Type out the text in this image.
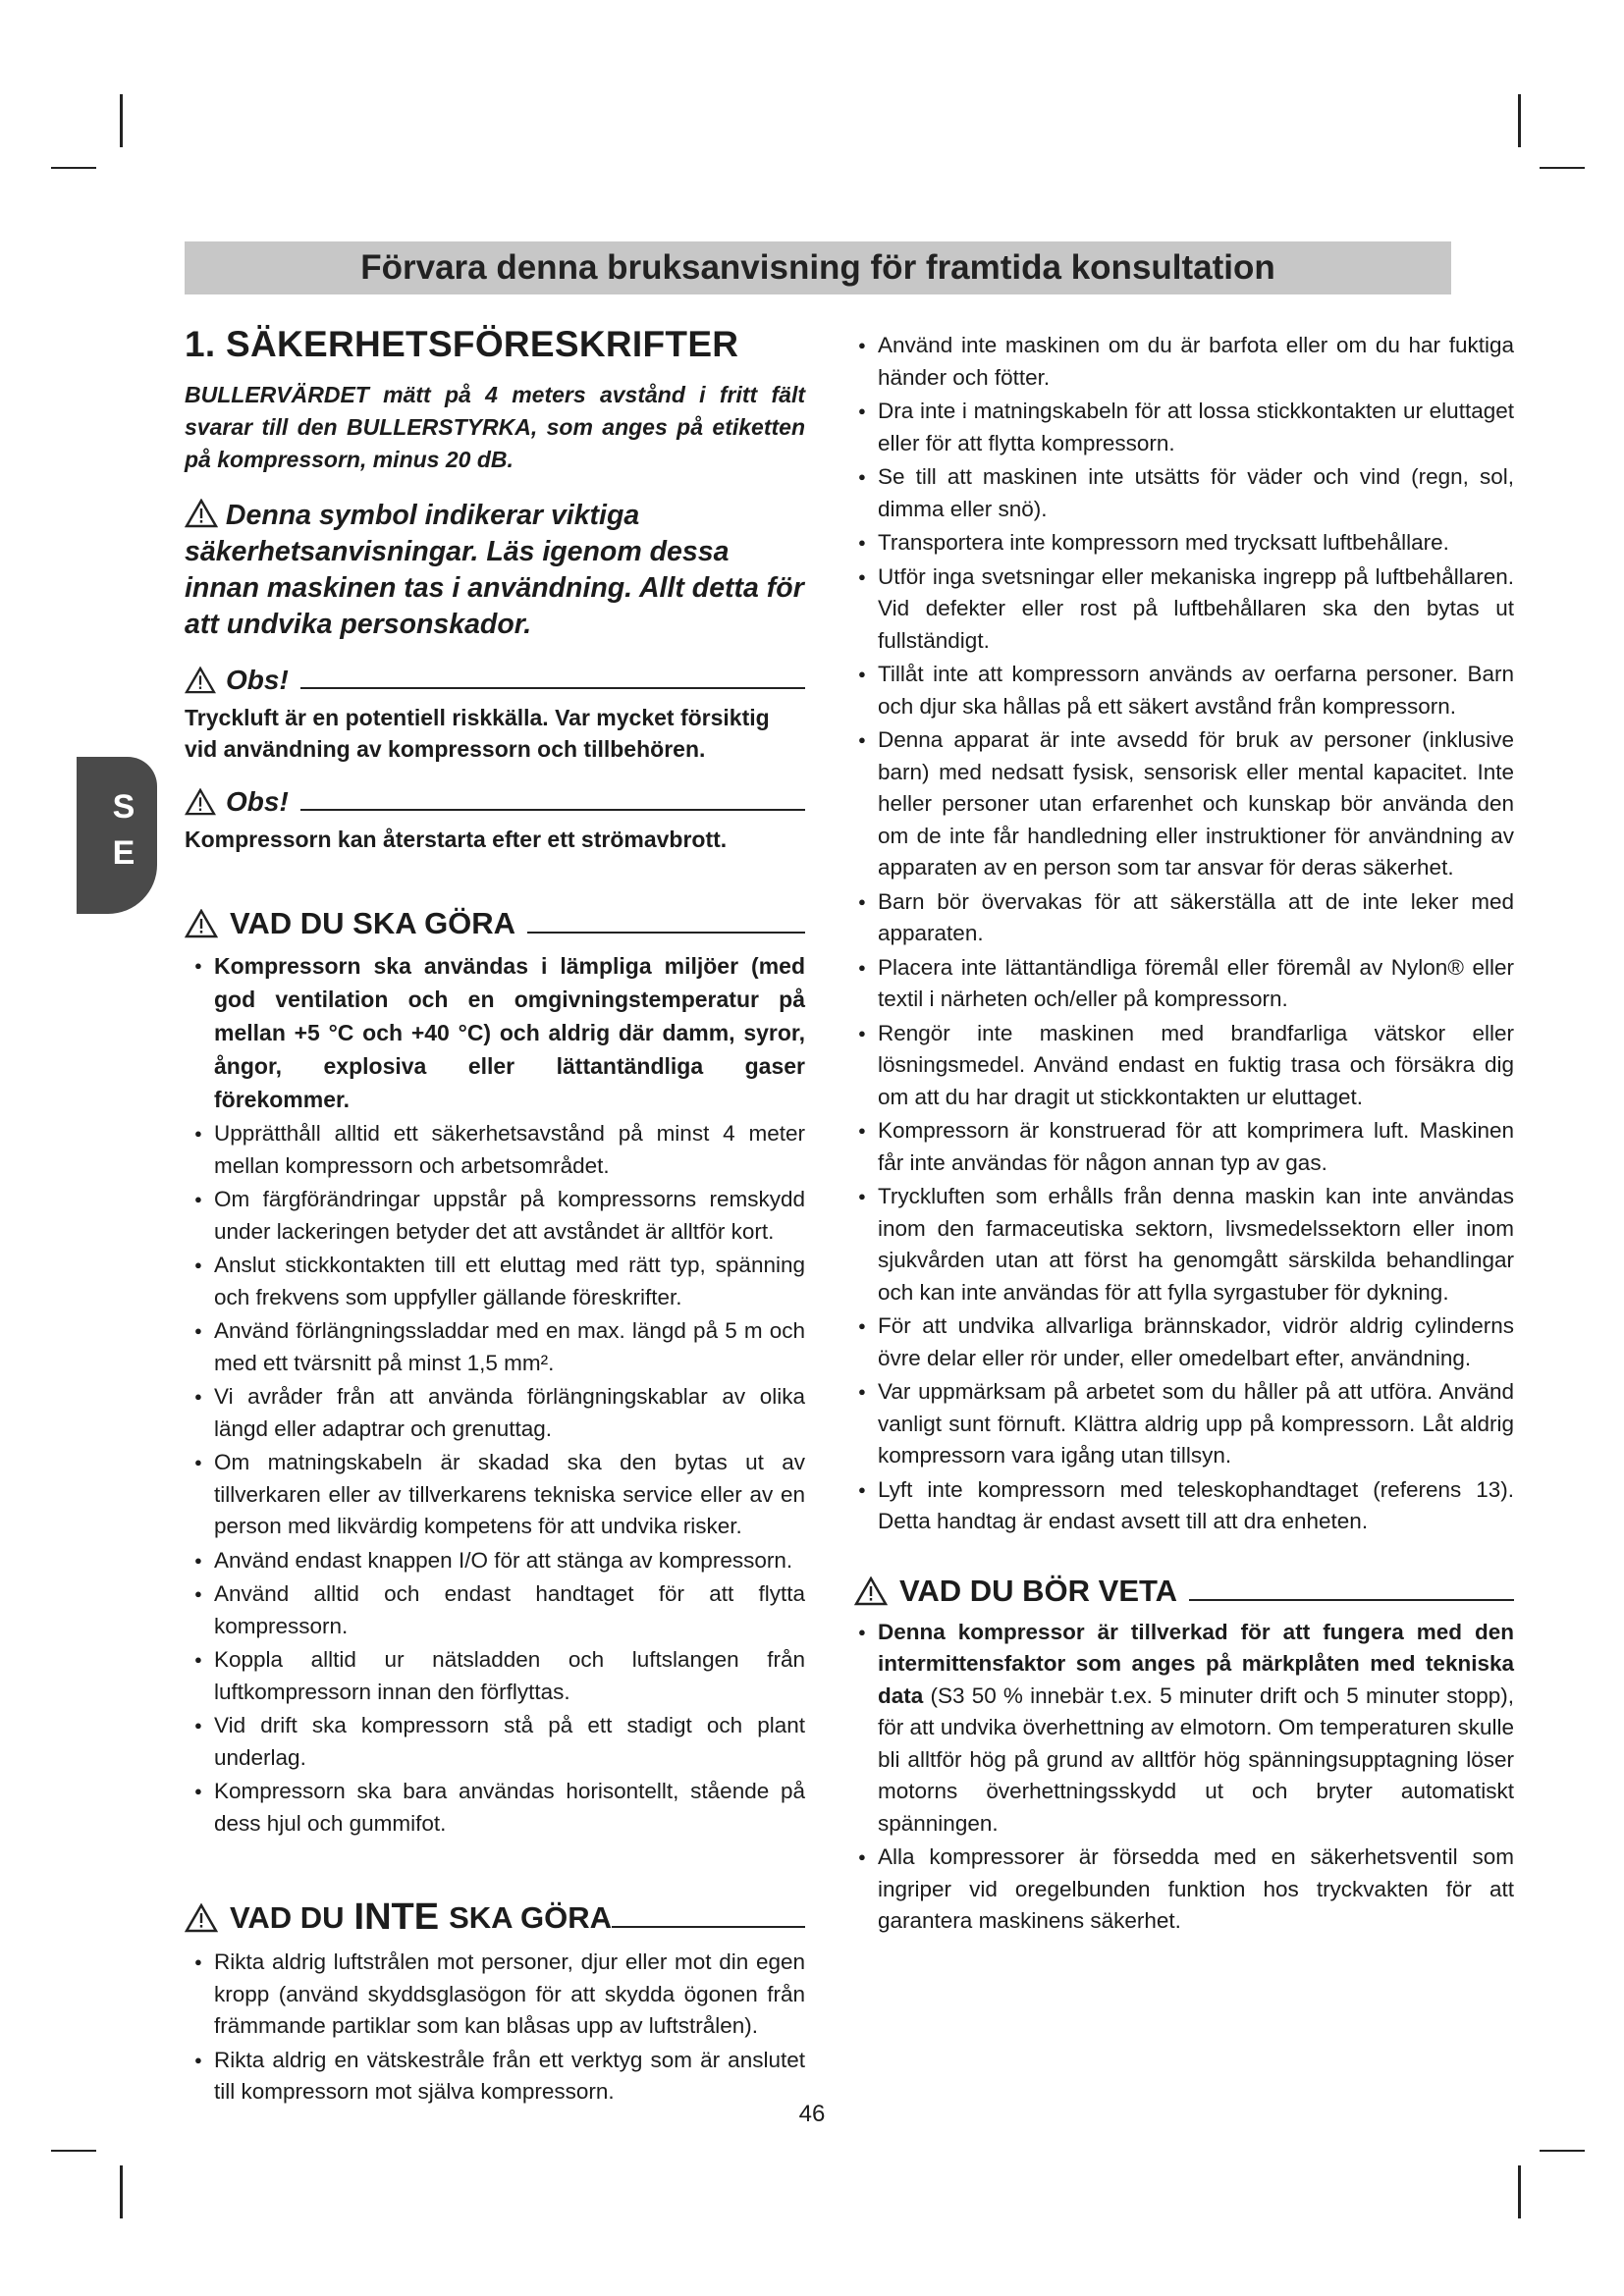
Förvara denna bruksanvisning för framtida konsultation
S
E
1. SÄKERHETSFÖRESKRIFTER
BULLERVÄRDET mätt på 4 meters avstånd i fritt fält svarar till den BULLERSTYRKA, som anges på etiketten på kompressorn, minus 20 dB.
Denna symbol indikerar viktiga säkerhetsanvisningar. Läs igenom dessa innan maskinen tas i användning. Allt detta för att undvika personskador.
Obs!
Tryckluft är en potentiell riskkälla. Var mycket försiktig vid användning av kompressorn och tillbehören.
Obs!
Kompressorn kan återstarta efter ett strömavbrott.
VAD DU SKA GÖRA
● Kompressorn ska användas i lämpliga miljöer (med god ventilation och en omgivningstemperatur på mellan +5 °C och +40 °C) och aldrig där damm, syror, ångor, explosiva eller lättantändliga gaser förekommer.
● Upprätthåll alltid ett säkerhetsavstånd på minst 4 meter mellan kompressorn och arbetsområdet.
● Om färgförändringar uppstår på kompressorns remskydd under lackeringen betyder det att avståndet är alltför kort.
● Anslut stickkontakten till ett eluttag med rätt typ, spänning och frekvens som uppfyller gällande föreskrifter.
● Använd förlängningssladdar med en max. längd på 5 m och med ett tvärsnitt på minst 1,5 mm².
● Vi avråder från att använda förlängningskablar av olika längd eller adaptrar och grenuttag.
● Om matningskabeln är skadad ska den bytas ut av tillverkaren eller av tillverkarens tekniska service eller av en person med likvärdig kompetens för att undvika risker.
● Använd endast knappen I/O för att stänga av kompressorn.
● Använd alltid och endast handtaget för att flytta kompressorn.
● Koppla alltid ur nätsladden och luftslangen från luftkompressorn innan den förflyttas.
● Vid drift ska kompressorn stå på ett stadigt och plant underlag.
● Kompressorn ska bara användas horisontellt, stående på dess hjul och gummifot.
VAD DU INTE SKA GÖRA
● Rikta aldrig luftstrålen mot personer, djur eller mot din egen kropp (använd skyddsglasögon för att skydda ögonen från främmande partiklar som kan blåsas upp av luftstrålen).
● Rikta aldrig en vätskestråle från ett verktyg som är anslutet till kompressorn mot själva kompressorn.
● Använd inte maskinen om du är barfota eller om du har fuktiga händer och fötter.
● Dra inte i matningskabeln för att lossa stickkontakten ur eluttaget eller för att flytta kompressorn.
● Se till att maskinen inte utsätts för väder och vind (regn, sol, dimma eller snö).
● Transportera inte kompressorn med trycksatt luftbehållare.
● Utför inga svetsningar eller mekaniska ingrepp på luftbehållaren. Vid defekter eller rost på luftbehållaren ska den bytas ut fullständigt.
● Tillåt inte att kompressorn används av oerfarna personer. Barn och djur ska hållas på ett säkert avstånd från kompressorn.
● Denna apparat är inte avsedd för bruk av personer (inklusive barn) med nedsatt fysisk, sensorisk eller mental kapacitet. Inte heller personer utan erfarenhet och kunskap bör använda den om de inte får handledning eller instruktioner för användning av apparaten av en person som tar ansvar för deras säkerhet.
● Barn bör övervakas för att säkerställa att de inte leker med apparaten.
● Placera inte lättantändliga föremål eller föremål av Nylon® eller textil i närheten och/eller på kompressorn.
● Rengör inte maskinen med brandfarliga vätskor eller lösningsmedel. Använd endast en fuktig trasa och försäkra dig om att du har dragit ut stickkontakten ur eluttaget.
● Kompressorn är konstruerad för att komprimera luft. Maskinen får inte användas för någon annan typ av gas.
● Tryckluften som erhålls från denna maskin kan inte användas inom den farmaceutiska sektorn, livsmedelssektorn eller inom sjukvården utan att först ha genomgått särskilda behandlingar och kan inte användas för att fylla syrgastuber för dykning.
● För att undvika allvarliga brännskador, vidrör aldrig cylinderns övre delar eller rör under, eller omedelbart efter, användning.
● Var uppmärksam på arbetet som du håller på att utföra. Använd vanligt sunt förnuft. Klättra aldrig upp på kompressorn. Låt aldrig kompressorn vara igång utan tillsyn.
● Lyft inte kompressorn med teleskophandtaget (referens 13). Detta handtag är endast avsett till att dra enheten.
VAD DU BÖR VETA
● Denna kompressor är tillverkad för att fungera med den intermittensfaktor som anges på märkplåten med tekniska data (S3 50 % innebär t.ex. 5 minuter drift och 5 minuter stopp), för att undvika överhettning av elmotorn. Om temperaturen skulle bli alltför hög på grund av alltför hög spänningsupptagning löser motorns överhettningsskydd ut och bryter automatiskt spänningen.
● Alla kompressorer är försedda med en säkerhetsventil som ingriper vid oregelbunden funktion hos tryckvakten för att garantera maskinens säkerhet.
46
